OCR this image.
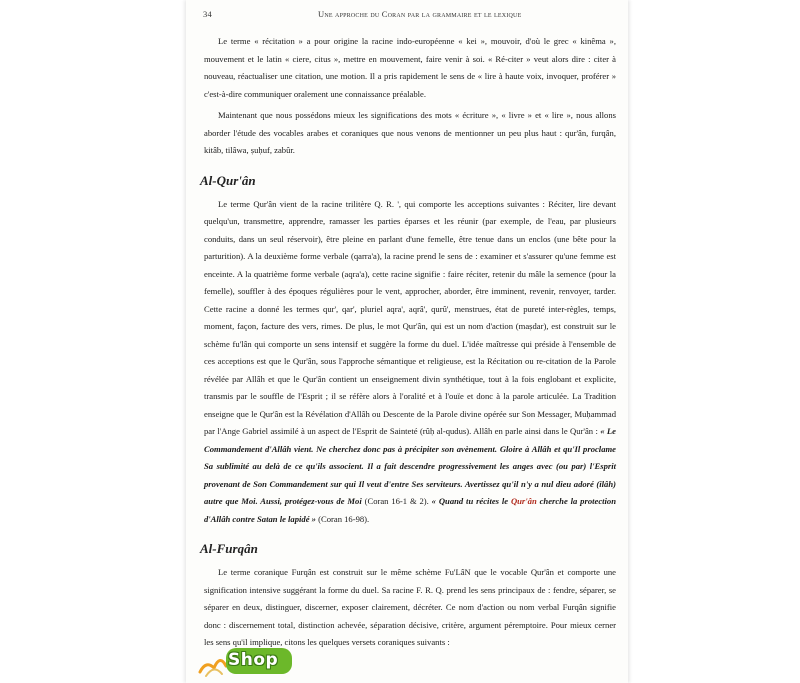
34	Une approche du Coran par la grammaire et le lexique

Le terme « récitation » a pour origine la racine indo-européenne « kei », mouvoir, d'où le grec « kinêma », mouvement et le latin « ciere, citus », mettre en mouvement, faire venir à soi. « Ré-citer » veut alors dire : citer à nouveau, réactualiser une citation, une motion. Il a pris rapidement le sens de « lire à haute voix, invoquer, proférer » c'est-à-dire communiquer oralement une connaissance préalable.

Maintenant que nous possédons mieux les significations des mots « écriture », « livre » et « lire », nous allons aborder l'étude des vocables arabes et coraniques que nous venons de mentionner un peu plus haut : qur'ân, furqân, kitâb, tilâwa, ṣuḥuf, zabûr.

Al-Qur'ân

Le terme Qur'ân vient de la racine trilitère Q. R. ', qui comporte les acceptions suivantes : Réciter, lire devant quelqu'un, transmettre, apprendre, ramasser les parties éparses et les réunir (par exemple, de l'eau, par plusieurs conduits, dans un seul réservoir), être pleine en parlant d'une femelle, être tenue dans un enclos (une bête pour la parturition). A la deuxième forme verbale (qarra'a), la racine prend le sens de : examiner et s'assurer qu'une femme est enceinte. A la quatrième forme verbale (aqra'a), cette racine signifie : faire réciter, retenir du mâle la semence (pour la femelle), souffler à des époques régulières pour le vent, approcher, aborder, être imminent, revenir, renvoyer, tarder. Cette racine a donné les termes qur', qar', pluriel aqra', aqrâ', qurû', menstrues, état de pureté inter-règles, temps, moment, façon, facture des vers, rimes. De plus, le mot Qur'ân, qui est un nom d'action (maṣdar), est construit sur le schème fu'lân qui comporte un sens intensif et suggère la forme du duel. L'idée maîtresse qui préside à l'ensemble de ces acceptions est que le Qur'ân, sous l'approche sémantique et religieuse, est la Récitation ou re-citation de la Parole révélée par Allâh et que le Qur'ân contient un enseignement divin synthétique, tout à la fois englobant et explicite, transmis par le souffle de l'Esprit ; il se réfère alors à l'oralité et à l'ouïe et donc à la parole articulée. La Tradition enseigne que le Qur'ân est la Révélation d'Allâh ou Descente de la Parole divine opérée sur Son Messager, Muḥammad par l'Ange Gabriel assimilé à un aspect de l'Esprit de Sainteté (rûḥ al-qudus). Allâh en parle ainsi dans le Qur'ân : « Le Commandement d'Allâh vient. Ne cherchez donc pas à précipiter son avènement. Gloire à Allâh et qu'Il proclame Sa sublimité au delà de ce qu'ils associent. Il a fait descendre progressivement les anges avec (ou par) l'Esprit provenant de Son Commandement sur qui Il veut d'entre Ses serviteurs. Avertissez qu'il n'y a nul dieu adoré (ilâh) autre que Moi. Aussi, protégez-vous de Moi (Coran 16-1 & 2). « Quand tu récites le Qur'ân cherche la protection d'Allâh contre Satan le lapidé » (Coran 16-98).

Al-Furqân

Le terme coranique Furqân est construit sur le même schème Fu'LâN que le vocable Qur'ân et comporte une signification intensive suggérant la forme du duel. Sa racine F. R. Q. prend les sens principaux de : fendre, séparer, se séparer en deux, distinguer, discerner, exposer clairement, décréter. Ce nom d'action ou nom verbal Furqân signifie donc : discernement total, distinction achevée, séparation décisive, critère, argument péremptoire. Pour mieux cerner les sens qu'il implique, citons les quelques versets coraniques suivants :

Shop
